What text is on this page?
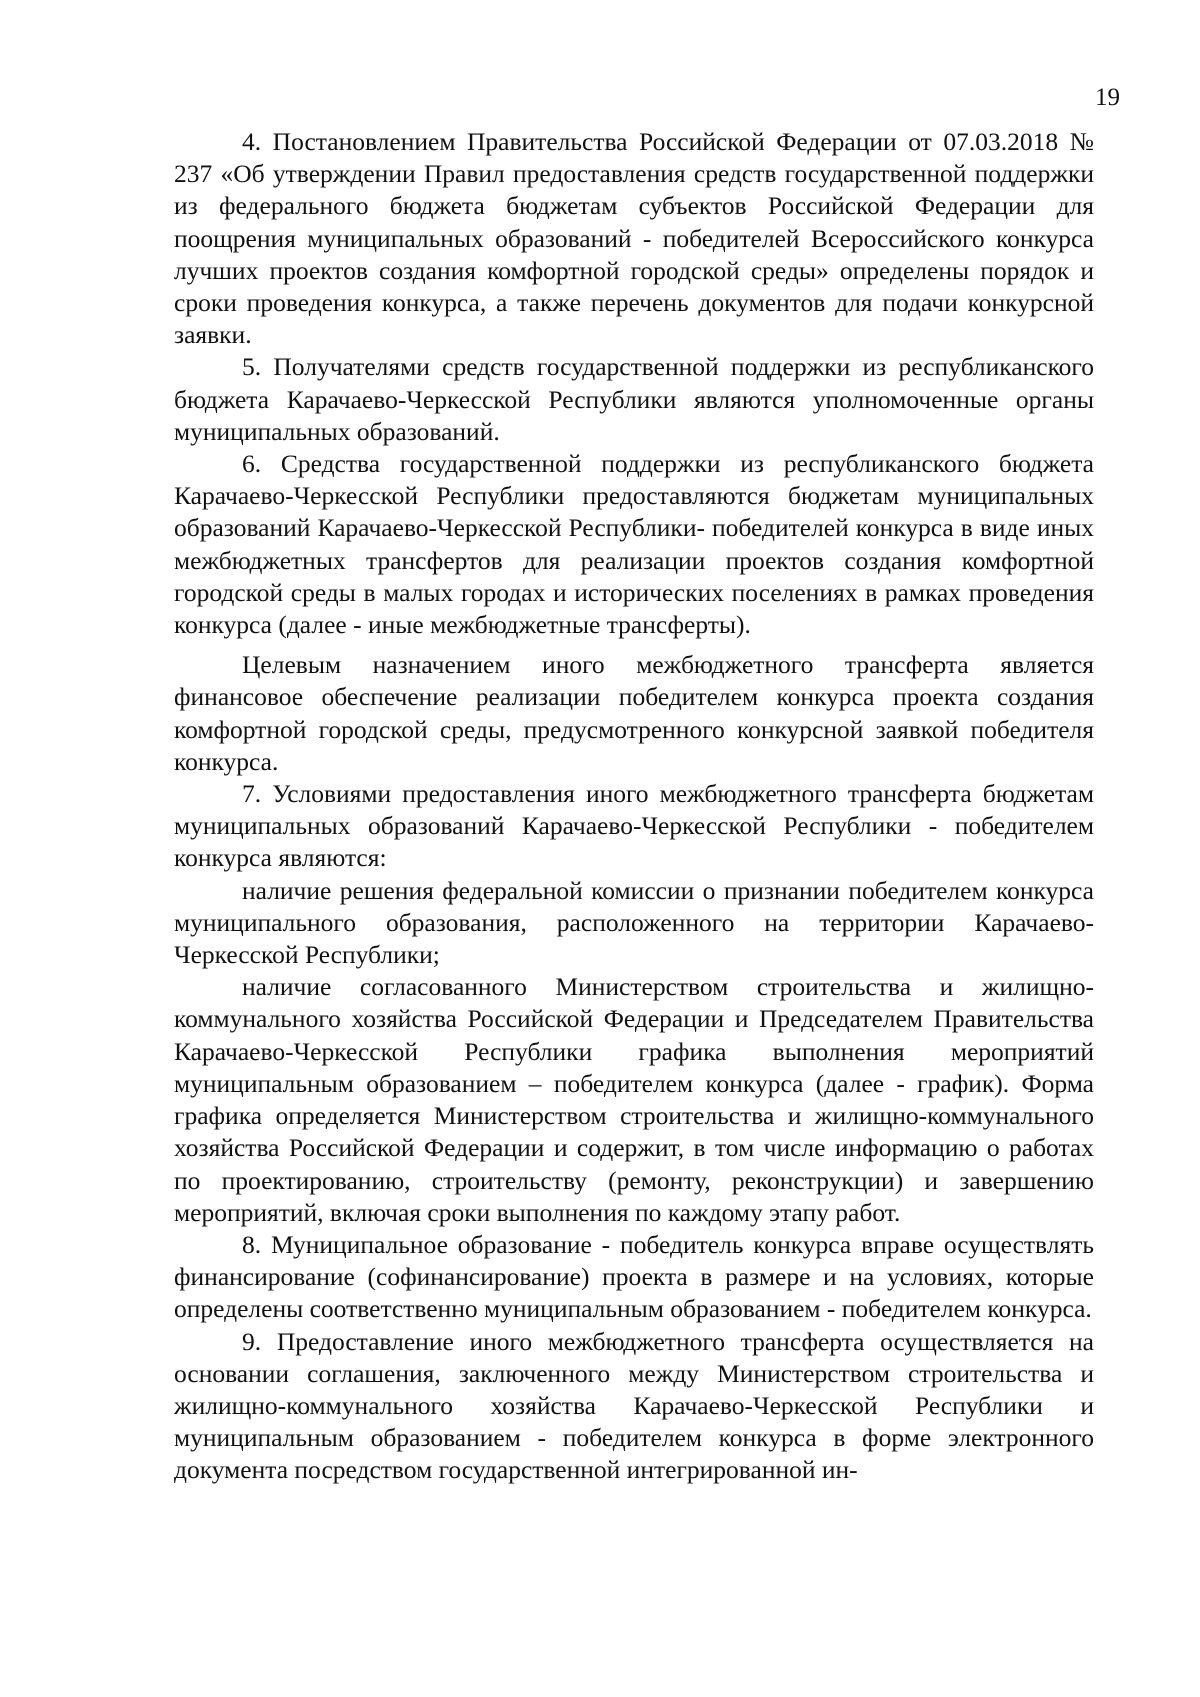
19

4. Постановлением Правительства Российской Федерации от 07.03.2018 № 237 «Об утверждении Правил предоставления средств государственной поддержки из федерального бюджета бюджетам субъектов Российской Федерации для поощрения муниципальных образований - победителей Всероссийского конкурса лучших проектов создания комфортной городской среды» определены порядок и сроки проведения конкурса, а также перечень документов для подачи конкурсной заявки.

5. Получателями средств государственной поддержки из республиканского бюджета Карачаево-Черкесской Республики являются уполномоченные органы муниципальных образований.

6. Средства государственной поддержки из республиканского бюджета Карачаево-Черкесской Республики предоставляются бюджетам муниципальных образований Карачаево-Черкесской Республики- победителей конкурса в виде иных межбюджетных трансфертов для реализации проектов создания комфортной городской среды в малых городах и исторических поселениях в рамках проведения конкурса (далее - иные межбюджетные трансферты).

Целевым назначением иного межбюджетного трансферта является финансовое обеспечение реализации победителем конкурса проекта создания комфортной городской среды, предусмотренного конкурсной заявкой победителя конкурса.

7. Условиями предоставления иного межбюджетного трансферта бюджетам муниципальных образований Карачаево-Черкесской Республики - победителем конкурса являются:

наличие решения федеральной комиссии о признании победителем конкурса муниципального образования, расположенного на территории Карачаево-Черкесской Республики;

наличие согласованного Министерством строительства и жилищно-коммунального хозяйства Российской Федерации и Председателем Правительства Карачаево-Черкесской Республики графика выполнения мероприятий муниципальным образованием – победителем конкурса (далее - график). Форма графика определяется Министерством строительства и жилищно-коммунального хозяйства Российской Федерации и содержит, в том числе информацию о работах по проектированию, строительству (ремонту, реконструкции) и завершению мероприятий, включая сроки выполнения по каждому этапу работ.

8. Муниципальное образование - победитель конкурса вправе осуществлять финансирование (софинансирование) проекта в размере и на условиях, которые определены соответственно муниципальным образованием - победителем конкурса.

9. Предоставление иного межбюджетного трансферта осуществляется на основании соглашения, заключенного между Министерством строительства и жилищно-коммунального хозяйства Карачаево-Черкесской Республики и муниципальным образованием - победителем конкурса в форме электронного документа посредством государственной интегрированной ин-
